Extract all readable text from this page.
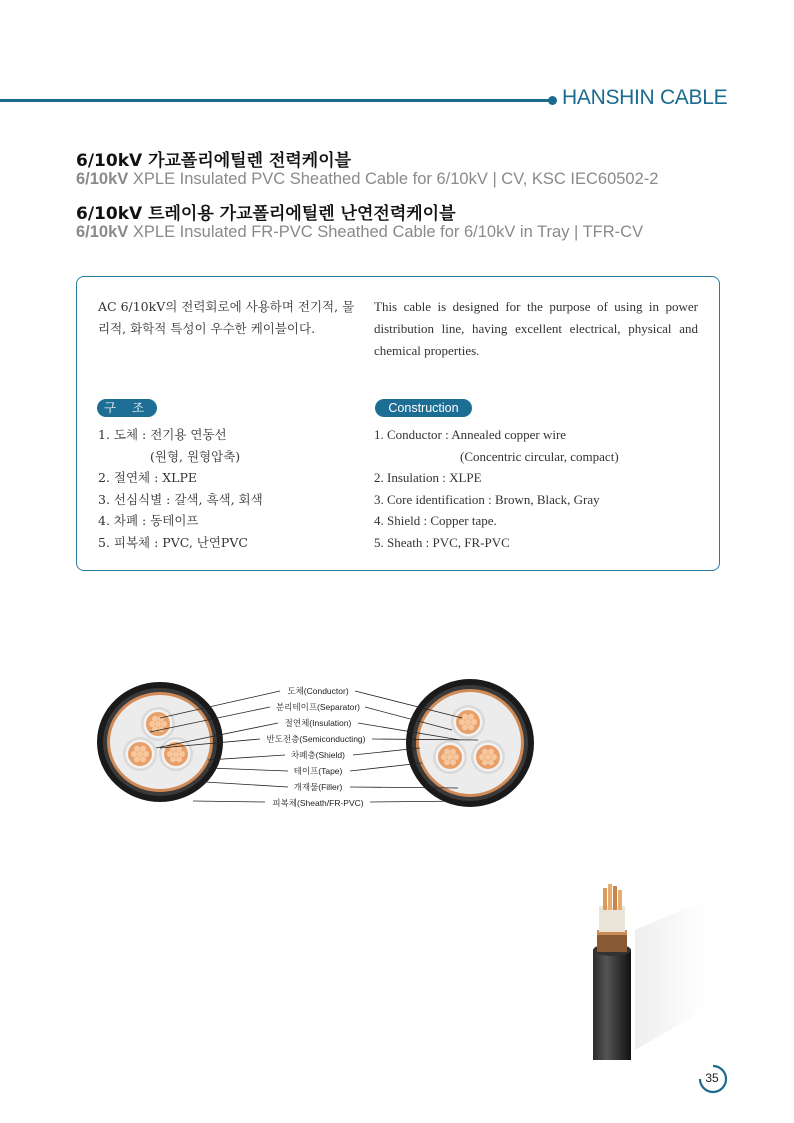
HANSHIN CABLE
6/10kV 가교폴리에틸렌 전력케이블
6/10kV XPLE Insulated PVC Sheathed Cable for 6/10kV | CV, KSC IEC60502-2
6/10kV 트레이용 가교폴리에틸렌 난연전력케이블
6/10kV XPLE Insulated FR-PVC Sheathed Cable for 6/10kV in Tray | TFR-CV
AC 6/10kV의 전력회로에 사용하며 전기적, 물리적, 화학적 특성이 우수한 케이블이다.
This cable is designed for the purpose of using in power distribution line, having excellent electrical, physical and chemical properties.
구 조	Construction
1. 도체 : 전기용 연동선
(원형, 원형압축)
2. 절연체 : XLPE
3. 선심식별 : 갈색, 흑색, 회색
4. 차폐 : 동테이프
5. 피복체 : PVC, 난연PVC
1. Conductor : Annealed copper wire
(Concentric circular, compact)
2. Insulation : XLPE
3. Core identification : Brown, Black, Gray
4. Shield : Copper tape.
5. Sheath : PVC, FR-PVC
도체(Conductor)
분리테이프(Separator)
절연체(Insulation)
반도전층(Semiconducting)
차폐층(Shield)
테이프(Tape)
개재물(Filler)
피복체(Sheath/FR-PVC)
35
